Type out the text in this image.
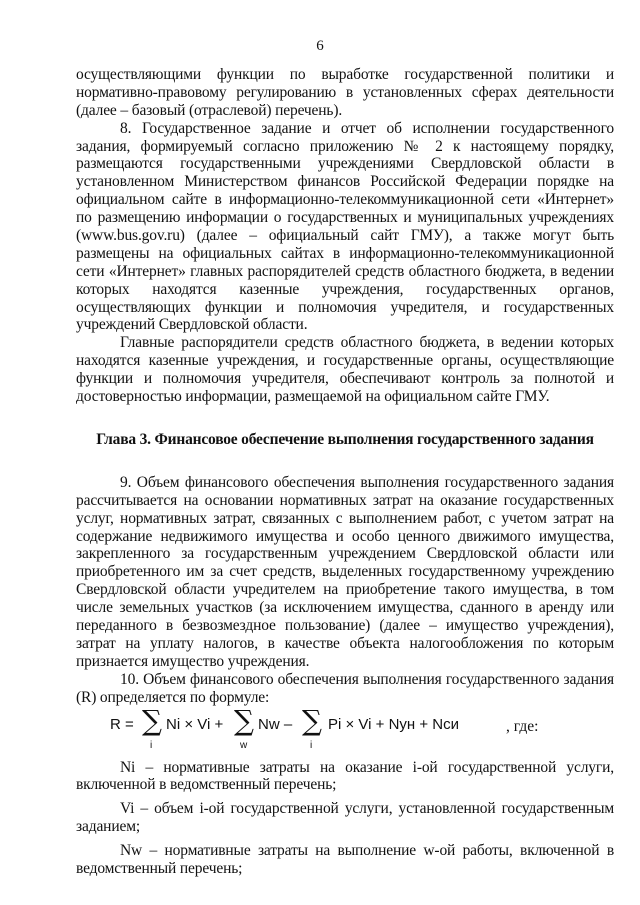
6
осуществляющими функции по выработке государственной политики и
нормативно-правовому регулированию в установленных сферах деятельности
(далее – базовый (отраслевой) перечень).
8. Государственное задание и отчет об исполнении государственного
задания, формируемый согласно приложению № 2 к настоящему порядку,
размещаются государственными учреждениями Свердловской области в
установленном Министерством финансов Российской Федерации порядке на
официальном сайте в информационно-телекоммуникационной сети «Интернет»
по размещению информации о государственных и муниципальных учреждениях
(www.bus.gov.ru) (далее – официальный сайт ГМУ), а также могут быть
размещены на официальных сайтах в информационно-телекоммуникационной
сети «Интернет» главных распорядителей средств областного бюджета, в ведении
которых находятся казенные учреждения, государственных органов,
осуществляющих функции и полномочия учредителя, и государственных
учреждений Свердловской области.
Главные распорядители средств областного бюджета, в ведении которых
находятся казенные учреждения, и государственные органы, осуществляющие
функции и полномочия учредителя, обеспечивают контроль за полнотой и
достоверностью информации, размещаемой на официальном сайте ГМУ.
Глава 3. Финансовое обеспечение выполнения государственного задания
9. Объем финансового обеспечения выполнения государственного задания
рассчитывается на основании нормативных затрат на оказание государственных
услуг, нормативных затрат, связанных с выполнением работ, с учетом затрат на
содержание недвижимого имущества и особо ценного движимого имущества,
закрепленного за государственным учреждением Свердловской области или
приобретенного им за счет средств, выделенных государственному учреждению
Свердловской области учредителем на приобретение такого имущества, в том
числе земельных участков (за исключением имущества, сданного в аренду или
переданного в безвозмездное пользование) (далее – имущество учреждения),
затрат на уплату налогов, в качестве объекта налогообложения по которым
признается имущество учреждения.
10. Объем финансового обеспечения выполнения государственного задания
(R) определяется по формуле:
R = ∑
i
Ni × Vi + ∑
w
Nw – ∑
i
Pi × Vi + Nун + Nси	, где:
Ni – нормативные затраты на оказание i-ой государственной услуги,
включенной в ведомственный перечень;
Vi – объем i-ой государственной услуги, установленной государственным
заданием;
Nw – нормативные затраты на выполнение w-ой работы, включенной в
ведомственный перечень;
